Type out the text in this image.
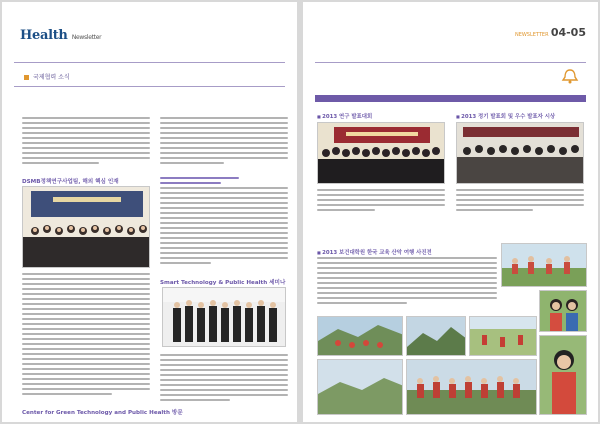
Health Newsletter
국제협력 소식
DSMB정책연구사업팀, 해외 핵심 인재
Center for Green Technology and Public Health 방문
Smart Technology & Public Health 세미나
NEWSLETTER 04-05
■ 2013 연구 발표대회
■	2013 정기 발표회 및 우수 발표자 시상
■ 2013 보건대학원 한국 교육 산악 여행 사진전
